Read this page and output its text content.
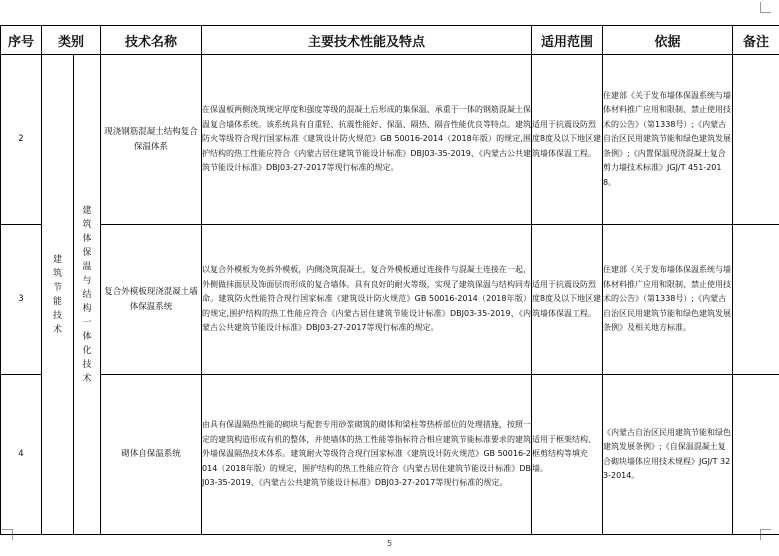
序号	类别		技术名称	主要技术性能及特点	适用范围	依据	备注
2	建筑节能技术	建筑体保温与结构一体化技术	现浇钢筋混凝土结构复合保温体系	在保温板两侧浇筑规定厚度和强度等级的混凝土后形成的集保温、承重于一体的钢筋混凝土保温复合墙体系统。该系统具有自重轻、抗震性能好、保温、隔热、隔音性能优良等特点。建筑防火等级符合现行国家标准《建筑设计防火规范》GB 50016-2014（2018年版）的规定,围护结构的热工性能应符合《内蒙古居住建筑节能设计标准》DBJ03-35-2019、《内蒙古公共建筑节能设计标准》DBJ03-27-2017等现行标准的规定。	适用于抗震设防烈度8度及以下地区建筑墙体保温工程。	住建部《关于发布墙体保温系统与墙体材料推广应用和限制、禁止使用技术的公告》（第1338号）;《内蒙古自治区民用建筑节能和绿色建筑发展条例》;《内置保温现浇混凝土复合剪力墙技术标准》JGJ/T 451-2018。	
3			复合外模板现浇混凝土墙体保温系统	以复合外模板为免拆外模板，内侧浇筑混凝土，复合外模板通过连接件与混凝土连接在一起，外侧做抹面层及饰面层而形成的复合墙体。具有良好的耐火等级，实现了建筑保温与结构同寿命。建筑防火性能符合现行国家标准《建筑设计防火规范》GB 50016-2014（2018年版）的规定,围护结构的热工性能应符合《内蒙古居住建筑节能设计标准》DBJ03-35-2019、《内蒙古公共建筑节能设计标准》DBJ03-27-2017等现行标准的规定。	适用于抗震设防烈度8度及以下地区建筑墙体保温工程。	住建部《关于发布墙体保温系统与墙体材料推广应用和限制、禁止使用技术的公告》（第1338号）;《内蒙古自治区民用建筑节能和绿色建筑发展条例》及相关地方标准。	
4			砌体自保温系统	由具有保温隔热性能的砌块与配套专用砂浆砌筑的砌体和梁柱等热桥部位的处理措施，按照一定的建筑构造形成有机的整体，并使墙体的热工性能等指标符合相应建筑节能标准要求的建筑外墙保温隔热技术体系。建筑耐火等级符合现行国家标准《建筑设计防火规范》GB 50016-2014（2018年版）的规定，围护结构的热工性能应符合《内蒙古居住建筑节能设计标准》DBJ03-35-2019、《内蒙古公共建筑节能设计标准》DBJ03-27-2017等现行标准的规定。	适用于框架结构、框剪结构等填充墙。	《内蒙古自治区民用建筑节能和绿色建筑发展条例》;《自保温混凝土复合砌块墙体应用技术规程》JGJ/T 323-2014。	
5
